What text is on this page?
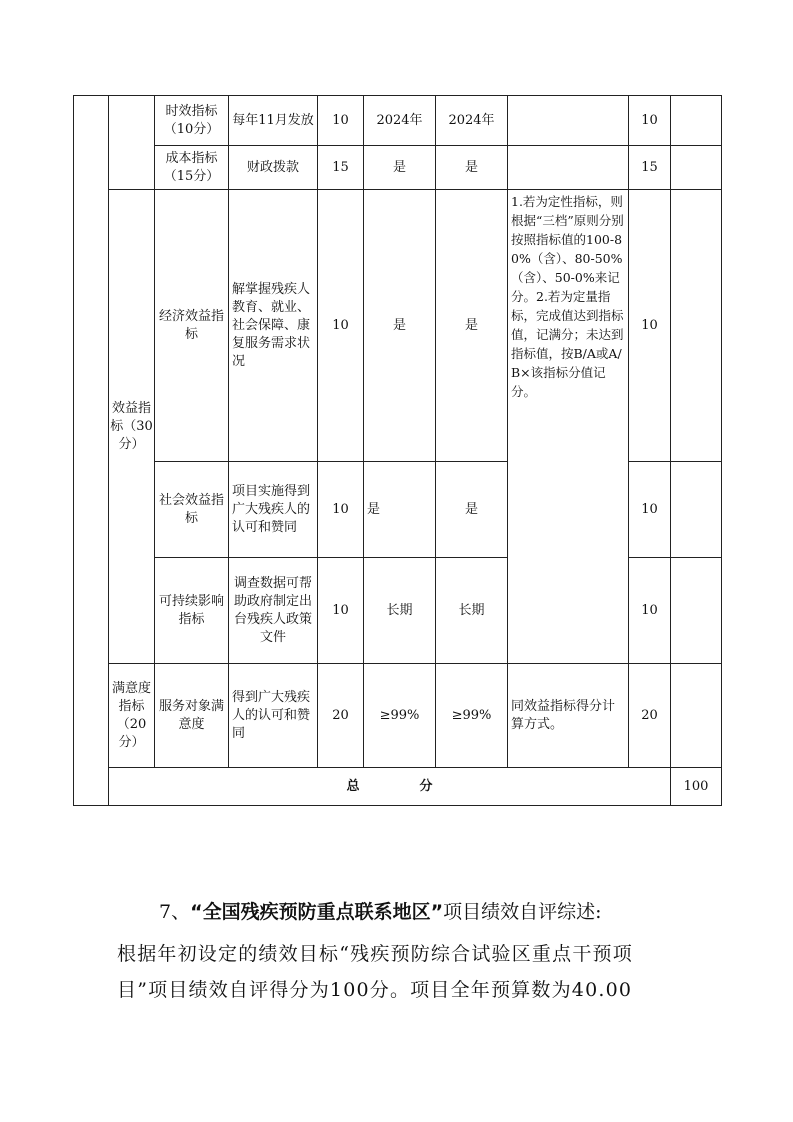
		时效指标（10分）	每年11月发放	10	2024年	2024年		10		
		成本指标（15分）	财政拨款	15	是	是		15		
	效益指标（30分）	经济效益指标	解掌握残疾人教育、就业、社会保障、康复服务需求状况	10	是	是	1.若为定性指标，则根据“三档”原则分别按照指标值的100-80%（含）、80-50%（含）、50-0%来记分。2.若为定量指标，完成值达到指标值，记满分；未达到指标值，按B/A或A/B×该指标分值记分。	10		
		社会效益指标	项目实施得到广大残疾人的认可和赞同	10	是	是		10		
		可持续影响指标	调查数据可帮助政府制定出台残疾人政策文件	10	长期	长期		10		
	满意度指标（20分）	服务对象满意度	得到广大残疾人的认可和赞同	20	≥99%	≥99%	同效益指标得分计算方式。	20		
	总 分								100	
7、“全国残疾预防重点联系地区”项目绩效自评综述:
根据年初设定的绩效目标“残疾预防综合试验区重点干预项
目”项目绩效自评得分为100分。项目全年预算数为40.00
